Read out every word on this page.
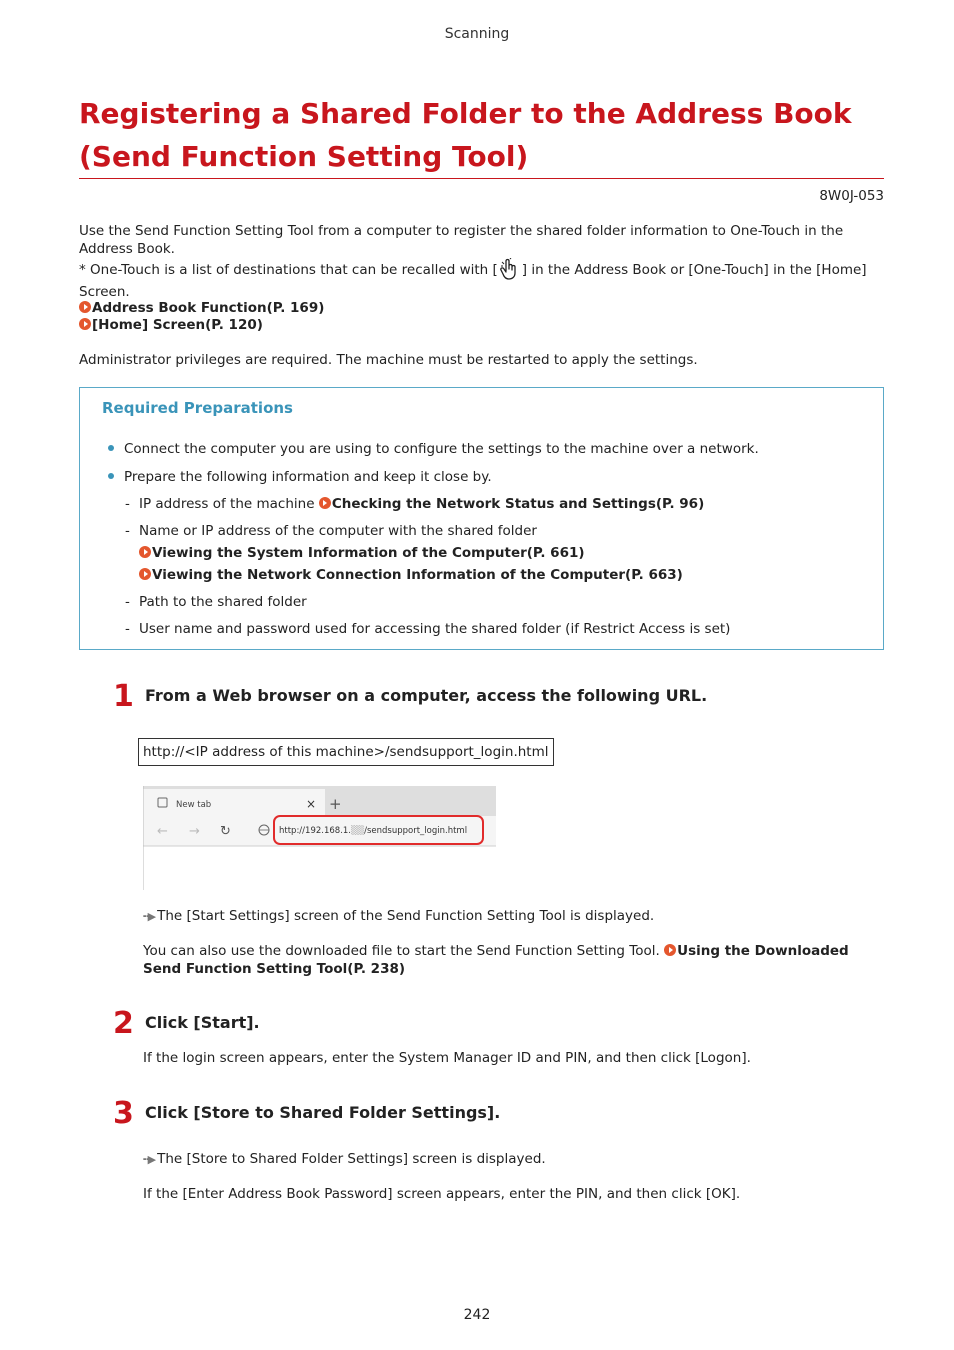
Scanning
Registering a Shared Folder to the Address Book (Send Function Setting Tool)
8W0J-053
Use the Send Function Setting Tool from a computer to register the shared folder information to One-Touch in the Address Book.
* One-Touch is a list of destinations that can be recalled with [ ] in the Address Book or [One-Touch] in the [Home] Screen.
Address Book Function(P. 169)
[Home] Screen(P. 120)
Administrator privileges are required. The machine must be restarted to apply the settings.
Required Preparations
Connect the computer you are using to configure the settings to the machine over a network.
Prepare the following information and keep it close by.
- IP address of the machine Checking the Network Status and Settings(P. 96)
- Name or IP address of the computer with the shared folder
Viewing the System Information of the Computer(P. 661)
Viewing the Network Connection Information of the Computer(P. 663)
- Path to the shared folder
- User name and password used for accessing the shared folder (if Restrict Access is set)
1 From a Web browser on a computer, access the following URL.
http://<IP address of this machine>/sendsupport_login.html
New tab	× +
← → ↻	http://192.168.1.▒▒/sendsupport_login.html
╍▶ The [Start Settings] screen of the Send Function Setting Tool is displayed.
You can also use the downloaded file to start the Send Function Setting Tool. Using the Downloaded Send Function Setting Tool(P. 238)
2 Click [Start].
If the login screen appears, enter the System Manager ID and PIN, and then click [Logon].
3 Click [Store to Shared Folder Settings].
╍▶ The [Store to Shared Folder Settings] screen is displayed.
If the [Enter Address Book Password] screen appears, enter the PIN, and then click [OK].
242
